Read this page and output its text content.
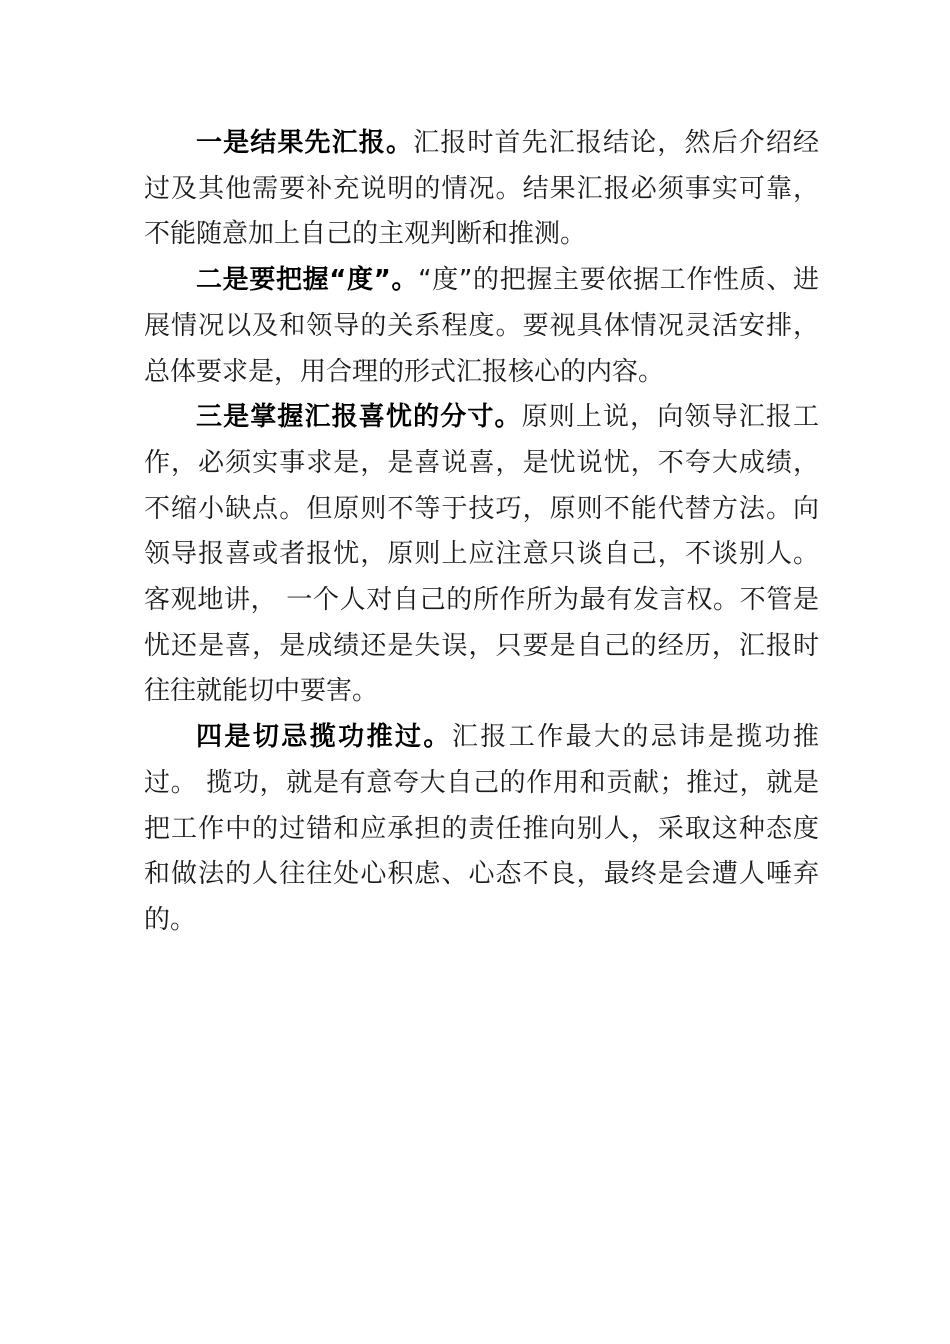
一是结果先汇报。汇报时首先汇报结论，然后介绍经过及其他需要补充说明的情况。结果汇报必须事实可靠，不能随意加上自己的主观判断和推测。

二是要把握“度”。“度”的把握主要依据工作性质、进展情况以及和领导的关系程度。要视具体情况灵活安排，总体要求是，用合理的形式汇报核心的内容。

三是掌握汇报喜忧的分寸。原则上说，向领导汇报工作，必须实事求是，是喜说喜，是忧说忧，不夸大成绩，不缩小缺点。但原则不等于技巧，原则不能代替方法。向领导报喜或者报忧，原则上应注意只谈自己，不谈别人。客观地讲， 一个人对自己的所作所为最有发言权。不管是忧还是喜，是成绩还是失误，只要是自己的经历，汇报时往往就能切中要害。

四是切忌揽功推过。汇报工作最大的忌讳是揽功推过。 揽功，就是有意夸大自己的作用和贡献；推过，就是把工作中的过错和应承担的责任推向别人，采取这种态度和做法的人往往处心积虑、心态不良，最终是会遭人唾弃的。
